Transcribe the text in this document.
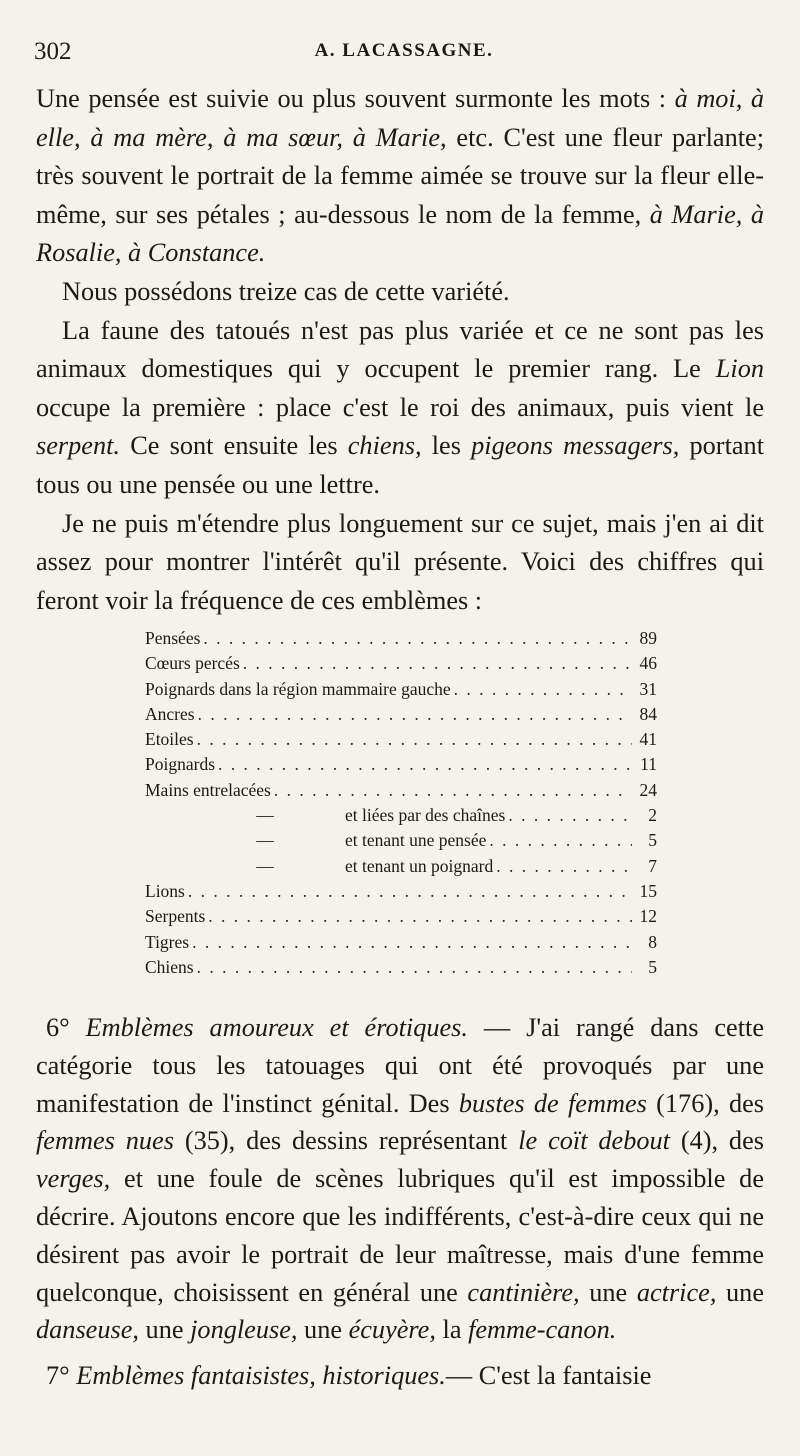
302	A. LACASSAGNE.

Une pensée est suivie ou plus souvent surmonte les mots : à moi, à elle, à ma mère, à ma sœur, à Marie, etc. C'est une fleur parlante; très souvent le portrait de la femme aimée se trouve sur la fleur elle-même, sur ses pétales ; au-dessous le nom de la femme, à Marie, à Rosalie, à Constance.

Nous possédons treize cas de cette variété.

La faune des tatoués n'est pas plus variée et ce ne sont pas les animaux domestiques qui y occupent le premier rang. Le Lion occupe la première : place c'est le roi des animaux, puis vient le serpent. Ce sont ensuite les chiens, les pigeons messagers, portant tous ou une pensée ou une lettre.

Je ne puis m'étendre plus longuement sur ce sujet, mais j'en ai dit assez pour montrer l'intérêt qu'il présente. Voici des chiffres qui feront voir la fréquence de ces emblèmes :

Pensées . . .	89
Cœurs percés . . .	46
Poignards dans la région mammaire gauche . . .	31
Ancres . . .	84
Etoiles . . .	41
Poignards . . .	11
Mains entrelacées . . .	24
—	et liées par des chaînes . . .	2
—	et tenant une pensée . . .	5
—	et tenant un poignard . . .	7
Lions . . .	15
Serpents . . .	12
Tigres . . .	8
Chiens . . .	5

6° Emblèmes amoureux et érotiques. — J'ai rangé dans cette catégorie tous les tatouages qui ont été provoqués par une manifestation de l'instinct génital. Des bustes de femmes (176), des femmes nues (35), des dessins représentant le coït debout (4), des verges, et une foule de scènes lubriques qu'il est impossible de décrire. Ajoutons encore que les indifférents, c'est-à-dire ceux qui ne désirent pas avoir le portrait de leur maîtresse, mais d'une femme quelconque, choisissent en général une cantinière, une actrice, une danseuse, une jongleuse, une écuyère, la femme-canon.

7° Emblèmes fantaisistes, historiques.— C'est la fantaisie
